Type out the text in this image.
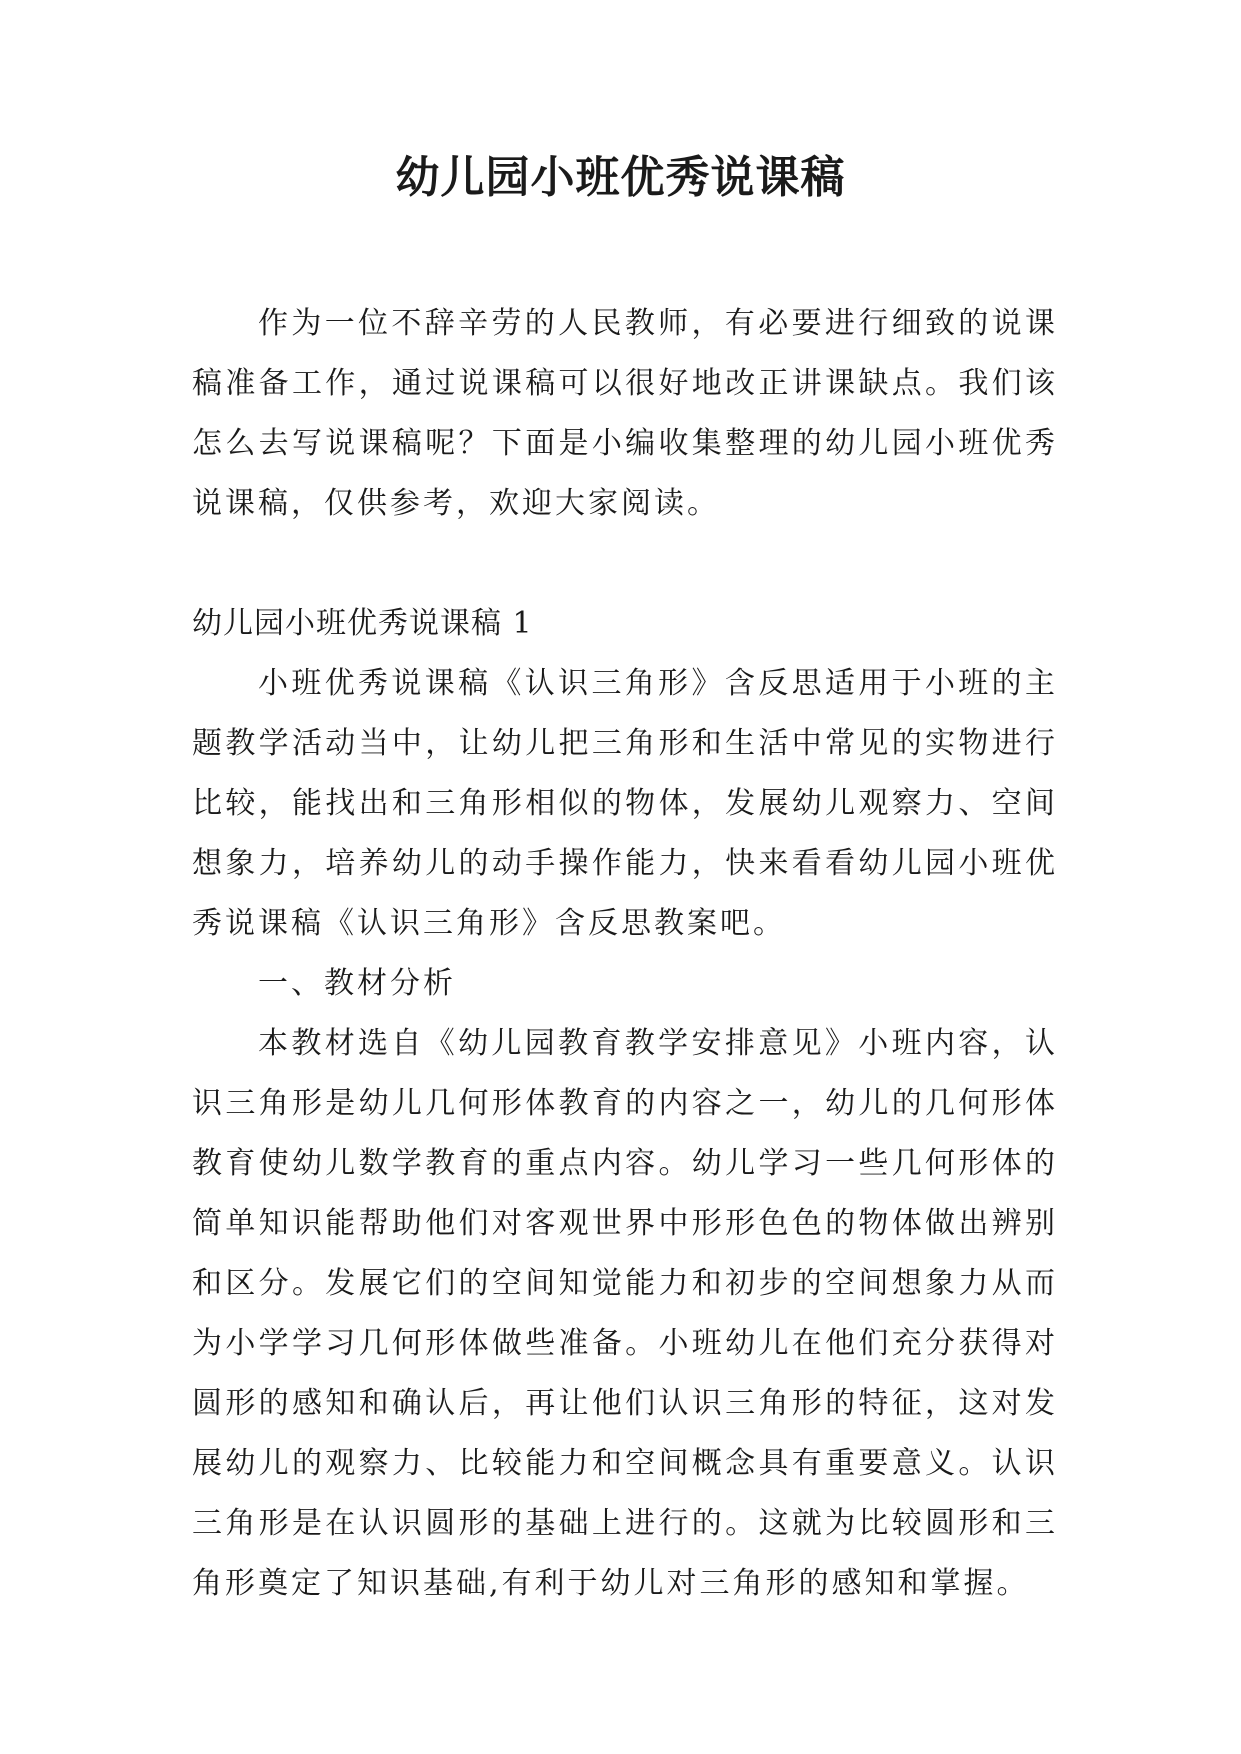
幼儿园小班优秀说课稿

作为一位不辞辛劳的人民教师，有必要进行细致的说课稿准备工作，通过说课稿可以很好地改正讲课缺点。我们该怎么去写说课稿呢？下面是小编收集整理的幼儿园小班优秀说课稿，仅供参考，欢迎大家阅读。

幼儿园小班优秀说课稿 1

小班优秀说课稿《认识三角形》含反思适用于小班的主题教学活动当中，让幼儿把三角形和生活中常见的实物进行比较，能找出和三角形相似的物体，发展幼儿观察力、空间想象力，培养幼儿的动手操作能力，快来看看幼儿园小班优秀说课稿《认识三角形》含反思教案吧。

一、教材分析

本教材选自《幼儿园教育教学安排意见》小班内容，认识三角形是幼儿几何形体教育的内容之一，幼儿的几何形体教育使幼儿数学教育的重点内容。幼儿学习一些几何形体的简单知识能帮助他们对客观世界中形形色色的物体做出辨别和区分。发展它们的空间知觉能力和初步的空间想象力从而为小学学习几何形体做些准备。小班幼儿在他们充分获得对圆形的感知和确认后，再让他们认识三角形的特征，这对发展幼儿的观察力、比较能力和空间概念具有重要意义。认识三角形是在认识圆形的基础上进行的。这就为比较圆形和三角形奠定了知识基础,有利于幼儿对三角形的感知和掌握。
